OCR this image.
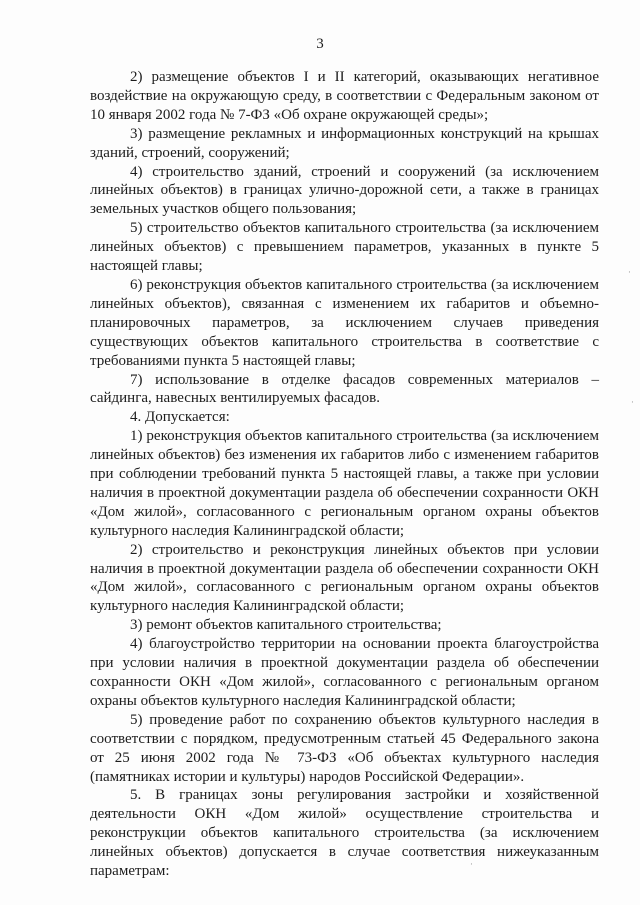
3

2) размещение объектов I и II категорий, оказывающих негативное воздействие на окружающую среду, в соответствии с Федеральным законом от 10 января 2002 года № 7-ФЗ «Об охране окружающей среды»;

3) размещение рекламных и информационных конструкций на крышах зданий, строений, сооружений;

4) строительство зданий, строений и сооружений (за исключением линейных объектов) в границах улично-дорожной сети, а также в границах земельных участков общего пользования;

5) строительство объектов капитального строительства (за исключением линейных объектов) с превышением параметров, указанных в пункте 5 настоящей главы;

6) реконструкция объектов капитального строительства (за исключением линейных объектов), связанная с изменением их габаритов и объемно-планировочных параметров, за исключением случаев приведения существующих объектов капитального строительства в соответствие с требованиями пункта 5 настоящей главы;

7) использование в отделке фасадов современных материалов – сайдинга, навесных вентилируемых фасадов.

4. Допускается:

1) реконструкция объектов капитального строительства (за исключением линейных объектов) без изменения их габаритов либо с изменением габаритов при соблюдении требований пункта 5 настоящей главы, а также при условии наличия в проектной документации раздела об обеспечении сохранности ОКН «Дом жилой», согласованного с региональным органом охраны объектов культурного наследия Калининградской области;

2) строительство и реконструкция линейных объектов при условии наличия в проектной документации раздела об обеспечении сохранности ОКН «Дом жилой», согласованного с региональным органом охраны объектов культурного наследия Калининградской области;

3) ремонт объектов капитального строительства;

4) благоустройство территории на основании проекта благоустройства при условии наличия в проектной документации раздела об обеспечении сохранности ОКН «Дом жилой», согласованного с региональным органом охраны объектов культурного наследия Калининградской области;

5) проведение работ по сохранению объектов культурного наследия в соответствии с порядком, предусмотренным статьей 45 Федерального закона от 25 июня 2002 года № 73-ФЗ «Об объектах культурного наследия (памятниках истории и культуры) народов Российской Федерации».

5. В границах зоны регулирования застройки и хозяйственной деятельности ОКН «Дом жилой» осуществление строительства и реконструкции объектов капитального строительства (за исключением линейных объектов) допускается в случае соответствия нижеуказанным параметрам:

·
·
·
